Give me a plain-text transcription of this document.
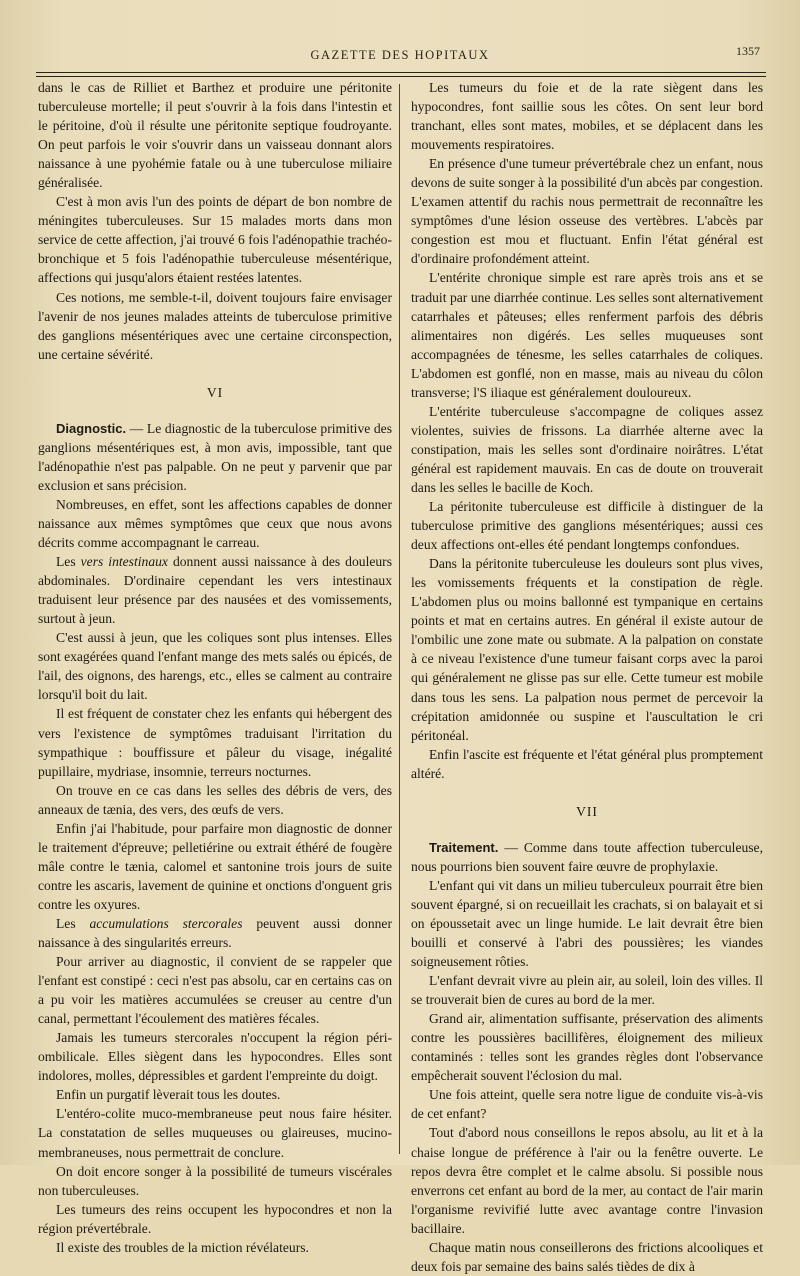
GAZETTE DES HOPITAUX	1357

dans le cas de Rilliet et Barthez et produire une péritonite tuberculeuse mortelle; il peut s'ouvrir à la fois dans l'intestin et le péritoine, d'où il résulte une péritonite septique foudroyante. On peut parfois le voir s'ouvrir dans un vaisseau donnant alors naissance à une pyohémie fatale ou à une tuberculose miliaire généralisée.

C'est à mon avis l'un des points de départ de bon nombre de méningites tuberculeuses. Sur 15 malades morts dans mon service de cette affection, j'ai trouvé 6 fois l'adénopathie trachéo-bronchique et 5 fois l'adénopathie tuberculeuse mésentérique, affections qui jusqu'alors étaient restées latentes.

Ces notions, me semble-t-il, doivent toujours faire envisager l'avenir de nos jeunes malades atteints de tuberculose primitive des ganglions mésentériques avec une certaine circonspection, une certaine sévérité.

VI

Diagnostic. — Le diagnostic de la tuberculose primitive des ganglions mésentériques est, à mon avis, impossible, tant que l'adénopathie n'est pas palpable. On ne peut y parvenir que par exclusion et sans précision.

Nombreuses, en effet, sont les affections capables de donner naissance aux mêmes symptômes que ceux que nous avons décrits comme accompagnant le carreau.

Les vers intestinaux donnent aussi naissance à des douleurs abdominales. D'ordinaire cependant les vers intestinaux traduisent leur présence par des nausées et des vomissements, surtout à jeun.

C'est aussi à jeun, que les coliques sont plus intenses. Elles sont exagérées quand l'enfant mange des mets salés ou épicés, de l'ail, des oignons, des harengs, etc., elles se calment au contraire lorsqu'il boit du lait.

Il est fréquent de constater chez les enfants qui hébergent des vers l'existence de symptômes traduisant l'irritation du sympathique : bouffissure et pâleur du visage, inégalité pupillaire, mydriase, insomnie, terreurs nocturnes.

On trouve en ce cas dans les selles des débris de vers, des anneaux de tænia, des vers, des œufs de vers.

Enfin j'ai l'habitude, pour parfaire mon diagnostic de donner le traitement d'épreuve; pelletiérine ou extrait éthéré de fougère mâle contre le tænia, calomel et santonine trois jours de suite contre les ascaris, lavement de quinine et onctions d'onguent gris contre les oxyures.

Les accumulations stercorales peuvent aussi donner naissance à des singularités erreurs.

Pour arriver au diagnostic, il convient de se rappeler que l'enfant est constipé : ceci n'est pas absolu, car en certains cas on a pu voir les matières accumulées se creuser au centre d'un canal, permettant l'écoulement des matières fécales.

Jamais les tumeurs stercorales n'occupent la région péri-ombilicale. Elles siègent dans les hypocondres. Elles sont indolores, molles, dépressibles et gardent l'empreinte du doigt.

Enfin un purgatif lèverait tous les doutes.

L'entéro-colite muco-membraneuse peut nous faire hésiter. La constatation de selles muqueuses ou glaireuses, mucino-membraneuses, nous permettrait de conclure.

On doit encore songer à la possibilité de tumeurs viscérales non tuberculeuses.

Les tumeurs des reins occupent les hypocondres et non la région prévertébrale.

Il existe des troubles de la miction révélateurs.

Les tumeurs du foie et de la rate siègent dans les hypocondres, font saillie sous les côtes. On sent leur bord tranchant, elles sont mates, mobiles, et se déplacent dans les mouvements respiratoires.

En présence d'une tumeur prévertébrale chez un enfant, nous devons de suite songer à la possibilité d'un abcès par congestion. L'examen attentif du rachis nous permettrait de reconnaître les symptômes d'une lésion osseuse des vertèbres. L'abcès par congestion est mou et fluctuant. Enfin l'état général est d'ordinaire profondément atteint.

L'entérite chronique simple est rare après trois ans et se traduit par une diarrhée continue. Les selles sont alternativement catarrhales et pâteuses; elles renferment parfois des débris alimentaires non digérés. Les selles muqueuses sont accompagnées de ténesme, les selles catarrhales de coliques. L'abdomen est gonflé, non en masse, mais au niveau du côlon transverse; l'S iliaque est généralement douloureux.

L'entérite tuberculeuse s'accompagne de coliques assez violentes, suivies de frissons. La diarrhée alterne avec la constipation, mais les selles sont d'ordinaire noirâtres. L'état général est rapidement mauvais. En cas de doute on trouverait dans les selles le bacille de Koch.

La péritonite tuberculeuse est difficile à distinguer de la tuberculose primitive des ganglions mésentériques; aussi ces deux affections ont-elles été pendant longtemps confondues.

Dans la péritonite tuberculeuse les douleurs sont plus vives, les vomissements fréquents et la constipation de règle. L'abdomen plus ou moins ballonné est tympanique en certains points et mat en certains autres. En général il existe autour de l'ombilic une zone mate ou submate. A la palpation on constate à ce niveau l'existence d'une tumeur faisant corps avec la paroi qui généralement ne glisse pas sur elle. Cette tumeur est mobile dans tous les sens. La palpation nous permet de percevoir la crépitation amidonnée ou suspine et l'auscultation le cri péritonéal.

Enfin l'ascite est fréquente et l'état général plus promptement altéré.

VII

Traitement. — Comme dans toute affection tuberculeuse, nous pourrions bien souvent faire œuvre de prophylaxie.

L'enfant qui vit dans un milieu tuberculeux pourrait être bien souvent épargné, si on recueillait les crachats, si on balayait et si on époussetait avec un linge humide. Le lait devrait être bien bouilli et conservé à l'abri des poussières; les viandes soigneusement rôties.

L'enfant devrait vivre au plein air, au soleil, loin des villes. Il se trouverait bien de cures au bord de la mer.

Grand air, alimentation suffisante, préservation des aliments contre les poussières bacillifères, éloignement des milieux contaminés : telles sont les grandes règles dont l'observance empêcherait souvent l'éclosion du mal.

Une fois atteint, quelle sera notre ligue de conduite vis-à-vis de cet enfant?

Tout d'abord nous conseillons le repos absolu, au lit et à la chaise longue de préférence à l'air ou la fenêtre ouverte. Le repos devra être complet et le calme absolu. Si possible nous enverrons cet enfant au bord de la mer, au contact de l'air marin l'organisme revivifié lutte avec avantage contre l'invasion bacillaire.

Chaque matin nous conseillerons des frictions alcooliques et deux fois par semaine des bains salés tièdes de dix à
